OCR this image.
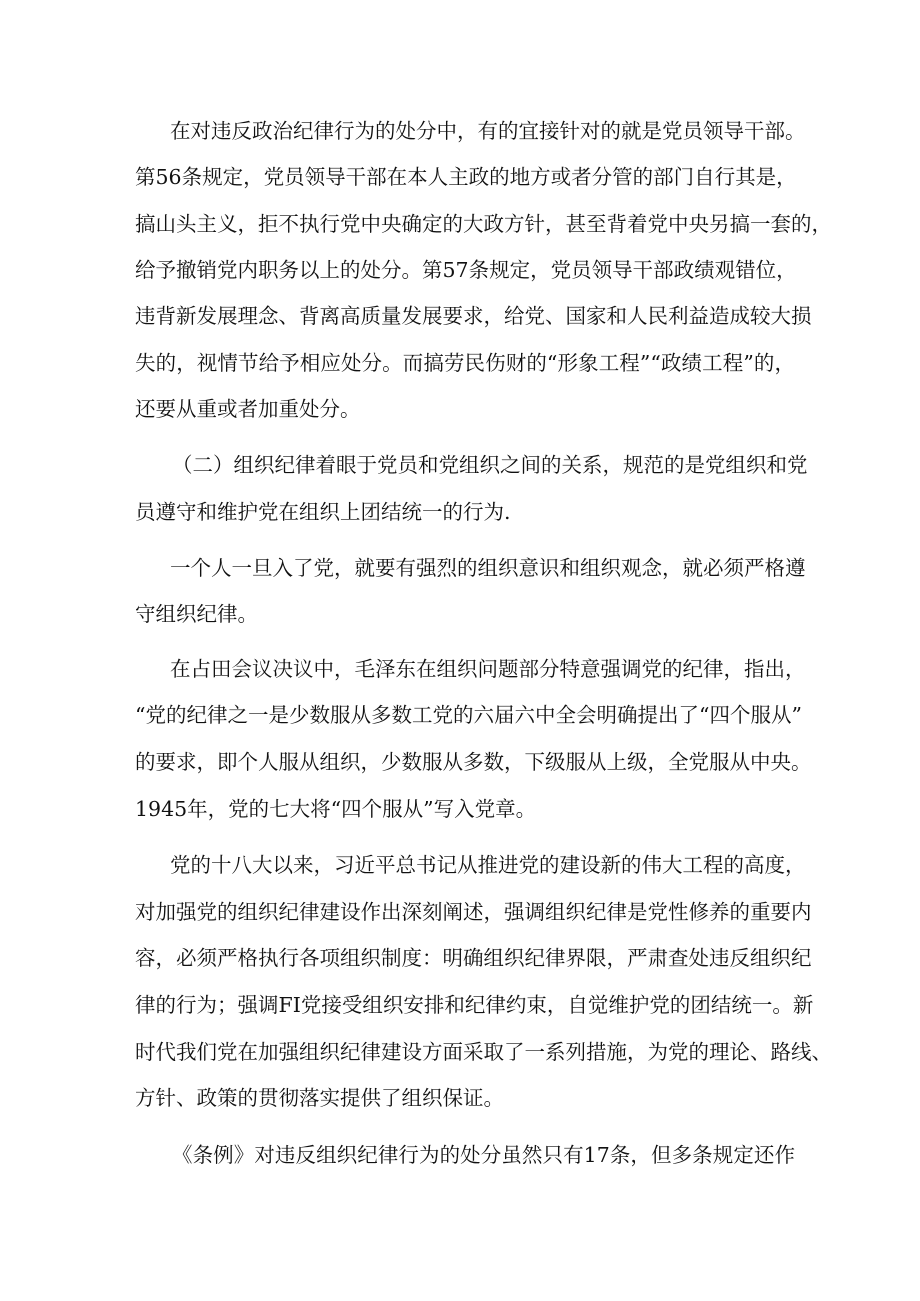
在对违反政治纪律行为的处分中，有的宜接针对的就是党员领导干部。
第56条规定，党员领导干部在本人主政的地方或者分管的部门自行其是，
搞山头主义，拒不执行党中央确定的大政方针，甚至背着党中央另搞一套的，
给予撤销党内职务以上的处分。第57条规定，党员领导干部政绩观错位，
违背新发展理念、背离高质量发展要求，给党、国家和人民利益造成较大损
失的，视情节给予相应处分。而搞劳民伤财的“形象工程”“政绩工程”的，
还要从重或者加重处分。
（二）组织纪律着眼于党员和党组织之间的关系，规范的是党组织和党
员遵守和维护党在组织上团结统一的行为.
一个人一旦入了党，就要有强烈的组织意识和组织观念，就必须严格遵
守组织纪律。
在占田会议决议中，毛泽东在组织问题部分特意强调党的纪律，指出，
“党的纪律之一是少数服从多数工党的六届六中全会明确提出了“四个服从”
的要求，即个人服从组织，少数服从多数，下级服从上级，全党服从中央。
1945年，党的七大将“四个服从”写入党章。
党的十八大以来，习近平总书记从推进党的建设新的伟大工程的高度，
对加强党的组织纪律建设作出深刻阐述，强调组织纪律是党性修养的重要内
容，必须严格执行各项组织制度：明确组织纪律界限，严肃查处违反组织纪
律的行为；强调FI党接受组织安排和纪律约束，自觉维护党的团结统一。新
时代我们党在加强组织纪律建设方面采取了一系列措施，为党的理论、路线、
方针、政策的贯彻落实提供了组织保证。
《条例》对违反组织纪律行为的处分虽然只有17条，但多条规定还作
